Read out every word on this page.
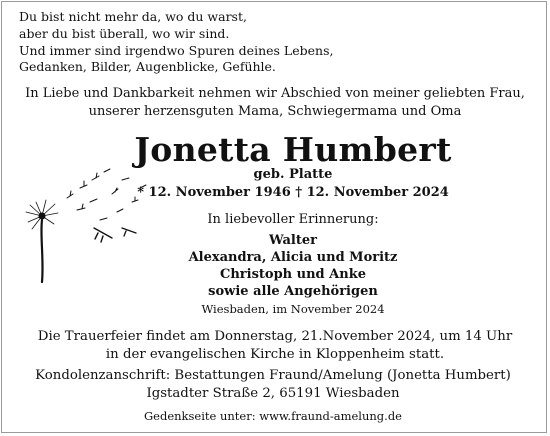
Du bist nicht mehr da, wo du warst,
aber du bist überall, wo wir sind.
Und immer sind irgendwo Spuren deines Lebens,
Gedanken, Bilder, Augenblicke, Gefühle.
In Liebe und Dankbarkeit nehmen wir Abschied von meiner geliebten Frau,
unserer herzensguten Mama, Schwiegermama und Oma
Jonetta Humbert
geb. Platte
* 12. November 1946 † 12. November 2024
In liebevoller Erinnerung:
Walter
Alexandra, Alicia und Moritz
Christoph und Anke
sowie alle Angehörigen
Wiesbaden, im November 2024
Die Trauerfeier findet am Donnerstag, 21.November 2024, um 14 Uhr
in der evangelischen Kirche in Kloppenheim statt.
Kondolenzanschrift: Bestattungen Fraund/Amelung (Jonetta Humbert)
Igstadter Straße 2, 65191 Wiesbaden
Gedenkseite unter: www.fraund-amelung.de
